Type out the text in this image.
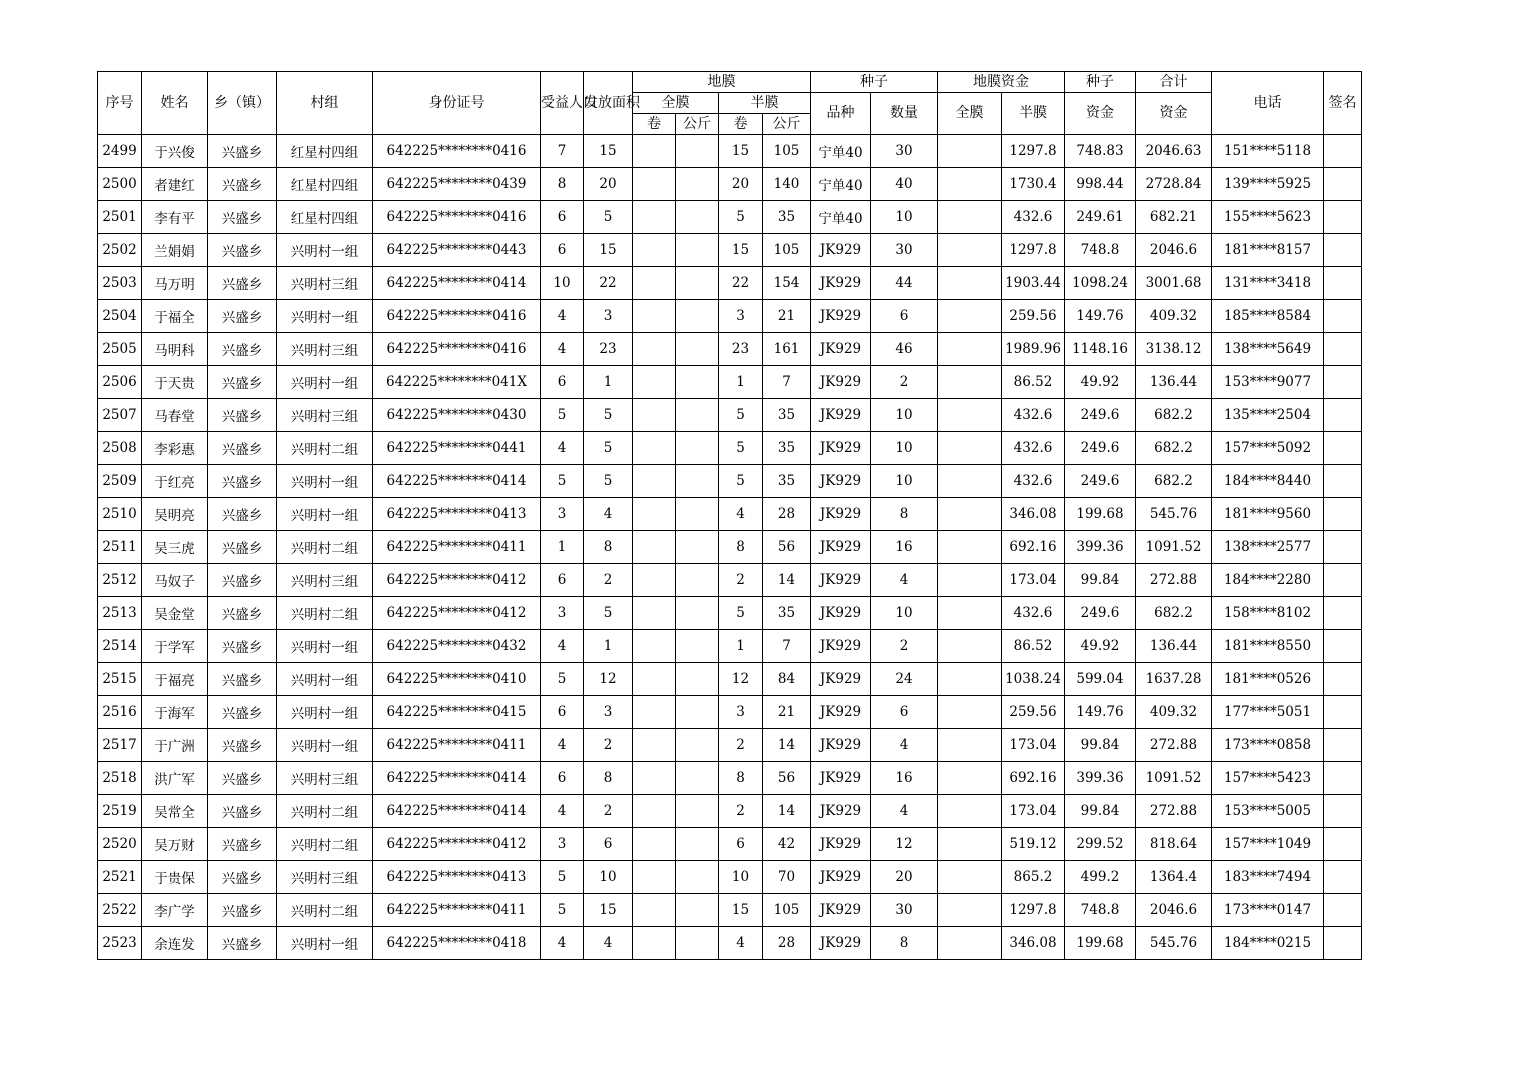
序号	姓名	乡（镇）	村组	身份证号	受益人口	发放面积	地膜				种子		地膜资金		种子	合计	电话	签名
							全膜		半膜		品种	数量	全膜	半膜	资金	资金		
							卷	公斤	卷	公斤								
2499	于兴俊	兴盛乡	红星村四组	642225********0416	7	15			15	105	宁单40	30		1297.8	748.83	2046.63	151****5118	
2500	者建红	兴盛乡	红星村四组	642225********0439	8	20			20	140	宁单40	40		1730.4	998.44	2728.84	139****5925	
2501	李有平	兴盛乡	红星村四组	642225********0416	6	5			5	35	宁单40	10		432.6	249.61	682.21	155****5623	
2502	兰娟娟	兴盛乡	兴明村一组	642225********0443	6	15			15	105	JK929	30		1297.8	748.8	2046.6	181****8157	
2503	马万明	兴盛乡	兴明村三组	642225********0414	10	22			22	154	JK929	44		1903.44	1098.24	3001.68	131****3418	
2504	于福全	兴盛乡	兴明村一组	642225********0416	4	3			3	21	JK929	6		259.56	149.76	409.32	185****8584	
2505	马明科	兴盛乡	兴明村三组	642225********0416	4	23			23	161	JK929	46		1989.96	1148.16	3138.12	138****5649	
2506	于天贵	兴盛乡	兴明村一组	642225********041X	6	1			1	7	JK929	2		86.52	49.92	136.44	153****9077	
2507	马春堂	兴盛乡	兴明村三组	642225********0430	5	5			5	35	JK929	10		432.6	249.6	682.2	135****2504	
2508	李彩惠	兴盛乡	兴明村二组	642225********0441	4	5			5	35	JK929	10		432.6	249.6	682.2	157****5092	
2509	于红亮	兴盛乡	兴明村一组	642225********0414	5	5			5	35	JK929	10		432.6	249.6	682.2	184****8440	
2510	吴明亮	兴盛乡	兴明村一组	642225********0413	3	4			4	28	JK929	8		346.08	199.68	545.76	181****9560	
2511	吴三虎	兴盛乡	兴明村二组	642225********0411	1	8			8	56	JK929	16		692.16	399.36	1091.52	138****2577	
2512	马奴子	兴盛乡	兴明村三组	642225********0412	6	2			2	14	JK929	4		173.04	99.84	272.88	184****2280	
2513	吴金堂	兴盛乡	兴明村二组	642225********0412	3	5			5	35	JK929	10		432.6	249.6	682.2	158****8102	
2514	于学军	兴盛乡	兴明村一组	642225********0432	4	1			1	7	JK929	2		86.52	49.92	136.44	181****8550	
2515	于福亮	兴盛乡	兴明村一组	642225********0410	5	12			12	84	JK929	24		1038.24	599.04	1637.28	181****0526	
2516	于海军	兴盛乡	兴明村一组	642225********0415	6	3			3	21	JK929	6		259.56	149.76	409.32	177****5051	
2517	于广洲	兴盛乡	兴明村一组	642225********0411	4	2			2	14	JK929	4		173.04	99.84	272.88	173****0858	
2518	洪广军	兴盛乡	兴明村三组	642225********0414	6	8			8	56	JK929	16		692.16	399.36	1091.52	157****5423	
2519	吴常全	兴盛乡	兴明村二组	642225********0414	4	2			2	14	JK929	4		173.04	99.84	272.88	153****5005	
2520	吴万财	兴盛乡	兴明村二组	642225********0412	3	6			6	42	JK929	12		519.12	299.52	818.64	157****1049	
2521	于贵保	兴盛乡	兴明村三组	642225********0413	5	10			10	70	JK929	20		865.2	499.2	1364.4	183****7494	
2522	李广学	兴盛乡	兴明村二组	642225********0411	5	15			15	105	JK929	30		1297.8	748.8	2046.6	173****0147	
2523	余连发	兴盛乡	兴明村一组	642225********0418	4	4			4	28	JK929	8		346.08	199.68	545.76	184****0215	
